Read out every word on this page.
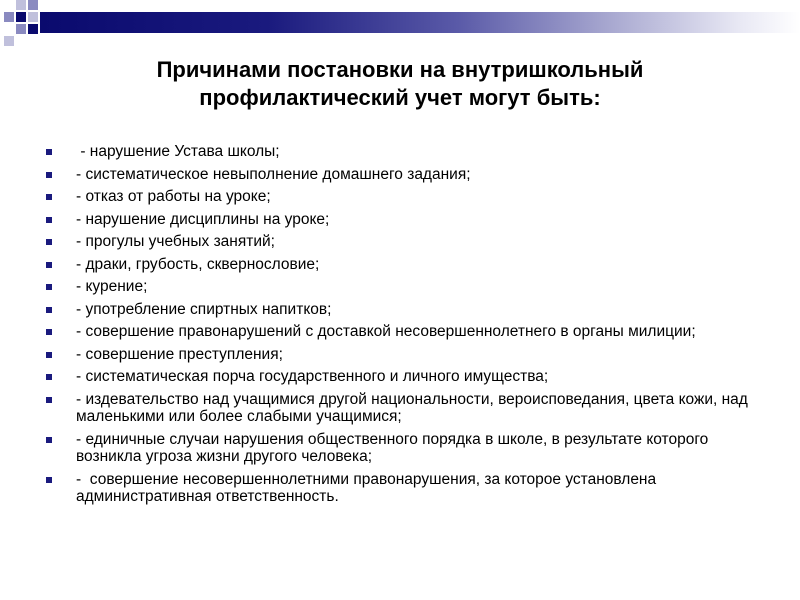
Причинами постановки на внутришкольный
профилактический учет могут быть:
- нарушение Устава школы;
- систематическое невыполнение домашнего задания;
- отказ от работы на уроке;
- нарушение дисциплины на уроке;
- прогулы учебных занятий;
- драки, грубость, сквернословие;
- курение;
- употребление спиртных напитков;
- совершение правонарушений с доставкой несовершеннолетнего в органы милиции;
- совершение преступления;
- систематическая порча государственного и личного имущества;
- издевательство над учащимися другой национальности, вероисповедания, цвета кожи, над маленькими или более слабыми учащимися;
- единичные случаи нарушения общественного порядка в школе, в результате которого возникла угроза жизни другого человека;
-  совершение несовершеннолетними правонарушения, за которое установлена административная ответственность.
